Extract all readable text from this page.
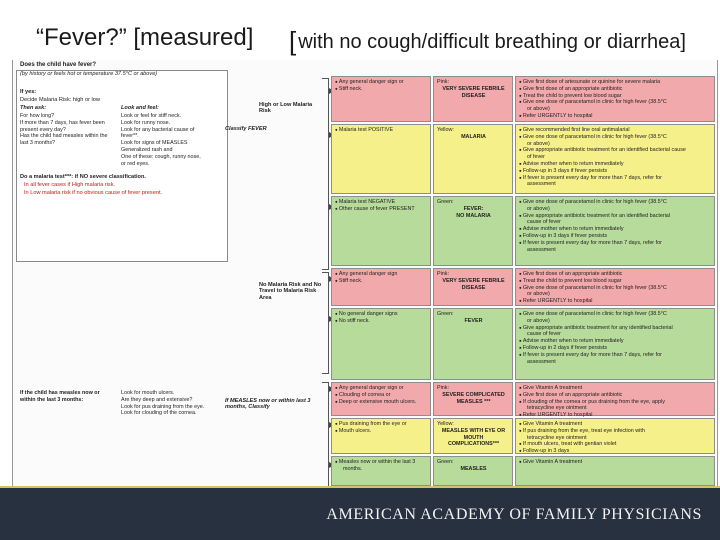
“Fever?” [measured] [ with no cough/difficult breathing or diarrhea]
Does the child have fever?
(by history or feels hot or temperature 37.5°C or above)
If yes:
Decide Malaria Risk: high or low
Then ask:
For how long?
If more than 7 days, has fever been
present every day?
Has the child had measles within the
last 3 months?
Look and feel:
Look or feel for stiff neck.
Look for runny nose.
Look for any bacterial cause of
fever**.
Look for signs of MEASLES
Generalized rash and
One of these: cough, runny nose,
or red eyes.
Do a malaria test***: if NO severe classification.
In all fever cases if High malaria risk.
In Low malaria risk if no obvious cause of fever present.
If the child has measles now or
within the last 3 months:
Look for mouth ulcers.
Are they deep and extensive?
Look for pus draining from the eye.
Look for clouding of the cornea.
High or Low Malaria
Risk
Classify FEVER
No Malaria Risk and No
Travel to Malaria Risk
Area
If MEASLES now or within last 3
months, Classify
● Any general danger sign or
● Stiff neck.
Pink:
VERY SEVERE FEBRILE
DISEASE
● Give first dose of artesunate or quinine for severe malaria
● Give first dose of an appropriate antibiotic
● Treat the child to prevent low blood sugar
● Give one dose of paracetamol in clinic for high fever (38.5°C
or above)
● Refer URGENTLY to hospital
● Malaria test POSITIVE	Yellow:
MALARIA
● Give recommended first line oral antimalarial
● Give one dose of paracetamol in clinic for high fever (38.5°C
or above)
● Give appropriate antibiotic treatment for an identified bacterial cause
of fever
● Advise mother when to return immediately
● Follow-up in 3 days if fever persists
● If fever is present every day for more than 7 days, refer for
assessment
● Malaria test NEGATIVE
● Other cause of fever PRESENT
Green:
FEVER:
NO MALARIA
● Give one dose of paracetamol in clinic for high fever (38.5°C
or above)
● Give appropriate antibiotic treatment for an identified bacterial
cause of fever
● Advise mother when to return immediately
● Follow-up in 3 days if fever persists
● If fever is present every day for more than 7 days, refer for
assessment
● Any general danger sign
● Stiff neck.
Pink:
VERY SEVERE FEBRILE
DISEASE
● Give first dose of an appropriate antibiotic
● Treat the child to prevent low blood sugar
● Give one dose of paracetamol in clinic for high fever (38.5°C
or above)
● Refer URGENTLY to hospital
● No general danger signs
● No stiff neck.
Green:
FEVER
● Give one dose of paracetamol in clinic for high fever (38.5°C
or above)
● Give appropriate antibiotic treatment for any identified bacterial
cause of fever
● Advise mother when to return immediately
● Follow-up in 2 days if fever persists
● If fever is present every day for more than 7 days, refer for
assessment
● Any general danger sign or
● Clouding of cornea or
● Deep or extensive mouth ulcers.
Pink:
SEVERE COMPLICATED
MEASLES ***
● Give Vitamin A treatment
● Give first dose of an appropriate antibiotic
● If clouding of the cornea or pus draining from the eye, apply
tetracycline eye ointment
● Refer URGENTLY to hospital
● Pus draining from the eye or
● Mouth ulcers.
Yellow:
MEASLES WITH EYE OR
MOUTH
COMPLICATIONS***
● Give Vitamin A treatment
● If pus draining from the eye, treat eye infection with
tetracycline eye ointment
● If mouth ulcers, treat with gentian violet
● Follow-up in 3 days
● Measles now or within the last 3
months.
Green:
MEASLES
● Give Vitamin A treatment
AMERICAN ACADEMY OF FAMILY PHYSICIANS
